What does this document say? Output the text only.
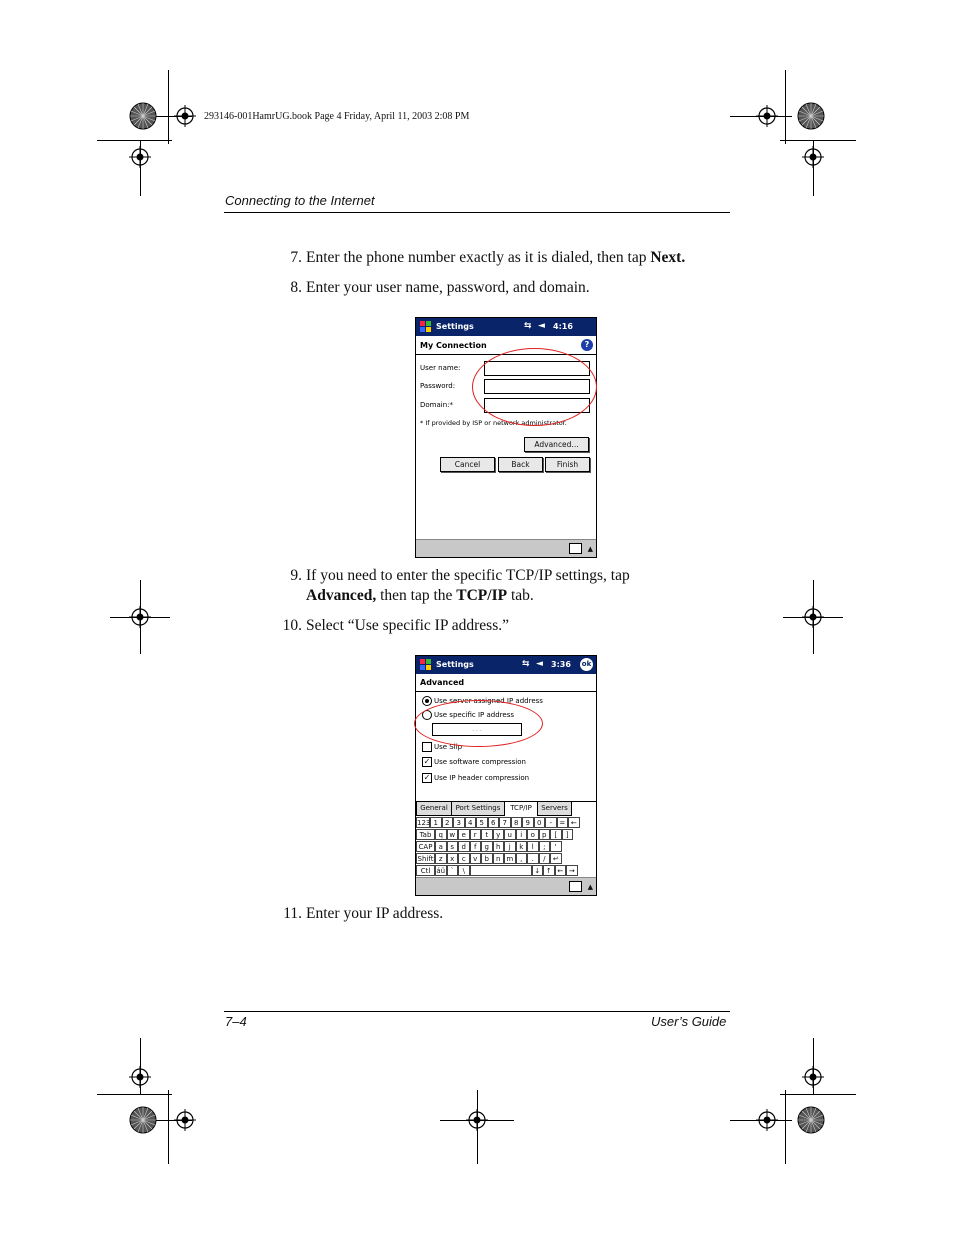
293146-001HamrUG.book Page 4 Friday, April 11, 2003 2:08 PM
Connecting to the Internet
7. Enter the phone number exactly as it is dialed, then tap Next.
8. Enter your user name, password, and domain.
Settings	⇆ ◄ 4:16
My Connection	?
User name:
Password:
Domain:*
* If provided by ISP or network administrator.
Advanced...
Cancel	Back	Finish
▲
9. If you need to enter the specific TCP/IP settings, tap
Advanced, then tap the TCP/IP tab.
10. Select “Use specific IP address.”
Settings	⇆ ◄ 3:36 ok
Advanced
Use server-assigned IP address
Use specific IP address
. . .
Use Slip
✓ Use software compression
✓ Use IP header compression
General	Port Settings	TCP/IP	Servers
123 1	2	3	4	5	6	7	8	9	0	-	= ←
Tab	q w e	r	t	y	u	i	o	p	[	]
CAP a	s	d	f	g	h	j	k	l	;	'
Shift z	x	c	v	b	n m ,	.	/	↵
Ctl áü `	\	↓ ↑ ← →
▲
11. Enter your IP address.
7–4	User’s Guide
